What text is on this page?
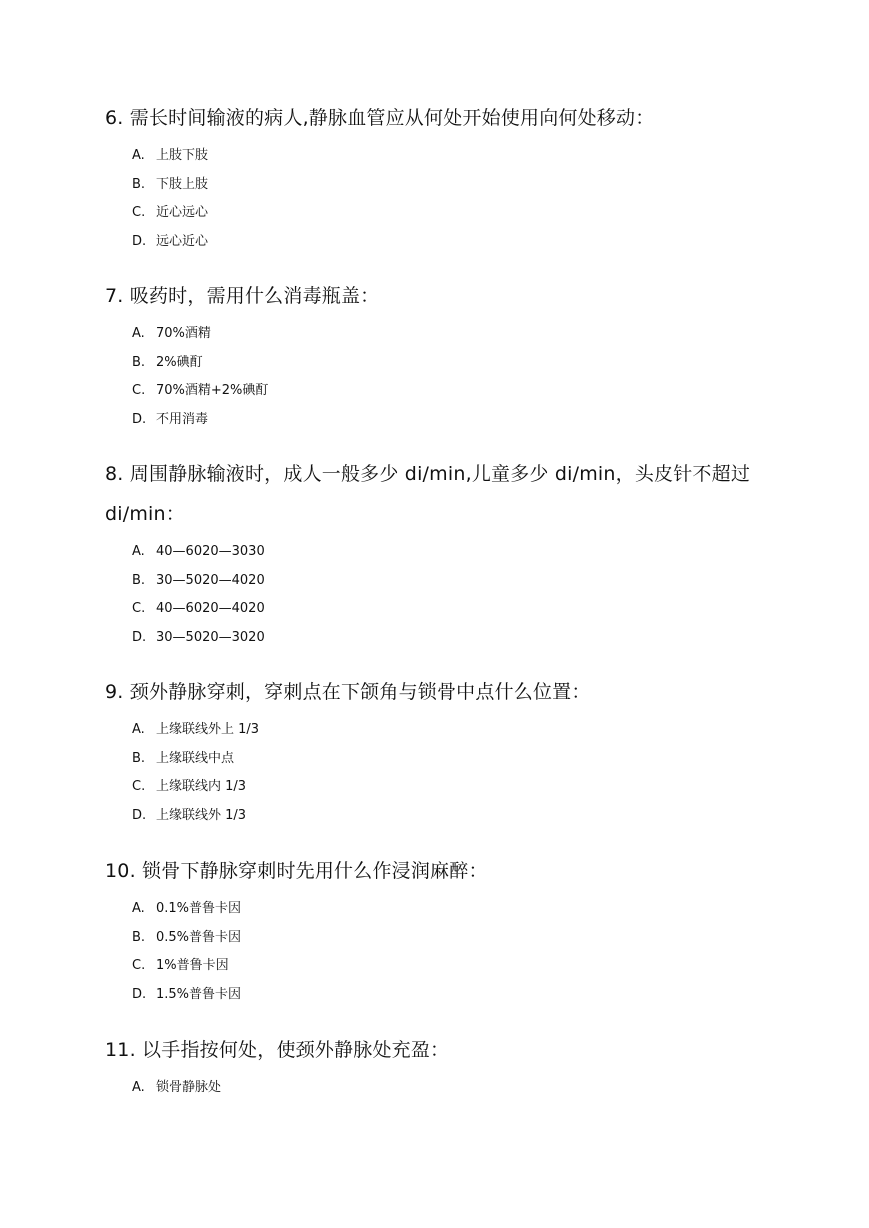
6. 需长时间输液的病人,静脉血管应从何处开始使用向何处移动：

A. 上肢下肢
B. 下肢上肢
C. 近心远心
D. 远心近心

7. 吸药时，需用什么消毒瓶盖：

A. 70%酒精
B. 2%碘酊
C. 70%酒精+2%碘酊
D. 不用消毒

8. 周围静脉输液时，成人一般多少 di/min,儿童多少 di/min，头皮针不超过 di/min：

A. 40—6020—3030
B. 30—5020—4020
C. 40—6020—4020
D. 30—5020—3020

9. 颈外静脉穿刺，穿刺点在下颌角与锁骨中点什么位置：

A. 上缘联线外上 1/3
B. 上缘联线中点
C. 上缘联线内 1/3
D. 上缘联线外 1/3

10. 锁骨下静脉穿刺时先用什么作浸润麻醉：

A. 0.1%普鲁卡因
B. 0.5%普鲁卡因
C. 1%普鲁卡因
D. 1.5%普鲁卡因

11. 以手指按何处，使颈外静脉处充盈：

A. 锁骨静脉处
